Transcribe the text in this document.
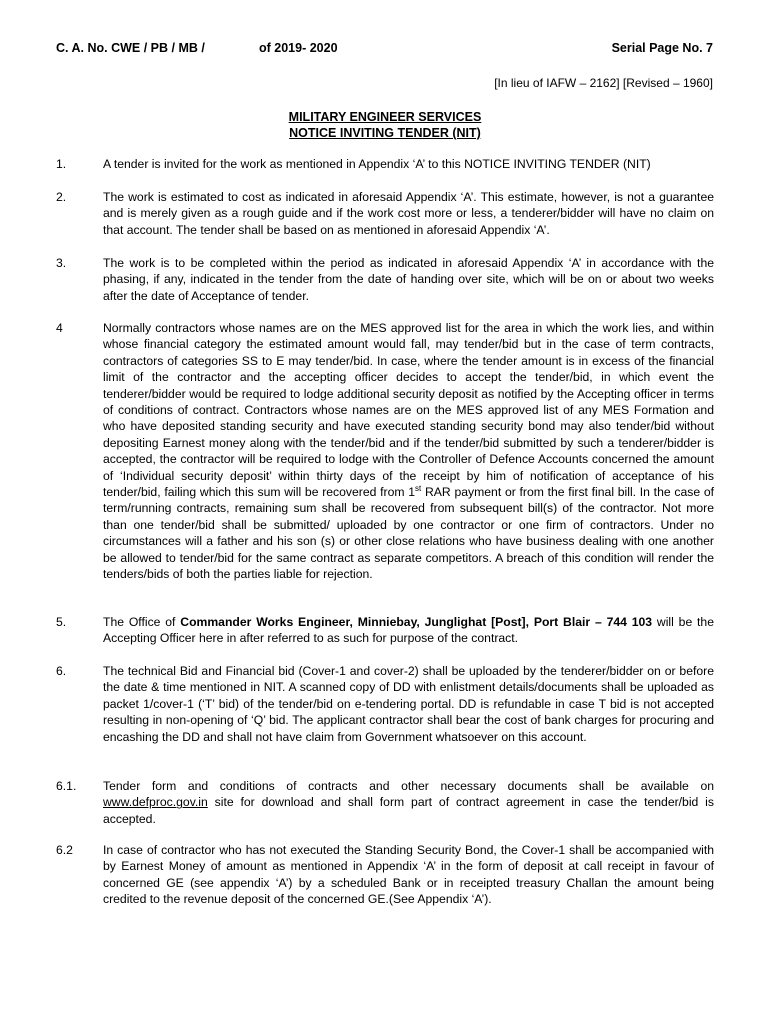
C. A. No. CWE / PB / MB /	of 2019- 2020	Serial Page No. 7
[In lieu of IAFW – 2162] [Revised – 1960]
MILITARY ENGINEER SERVICES
NOTICE INVITING TENDER (NIT)
1.	A tender is invited for the work as mentioned in Appendix ‘A’ to this NOTICE INVITING TENDER (NIT)
2.	The work is estimated to cost as indicated in aforesaid Appendix ‘A’. This estimate, however, is not a guarantee and is merely given as a rough guide and if the work cost more or less, a tenderer/bidder will have no claim on that account. The tender shall be based on as mentioned in aforesaid Appendix ‘A’.
3.	The work is to be completed within the period as indicated in aforesaid Appendix ‘A’ in accordance with the phasing, if any, indicated in the tender from the date of handing over site, which will be on or about two weeks after the date of Acceptance of tender.
4	Normally contractors whose names are on the MES approved list for the area in which the work lies, and within whose financial category the estimated amount would fall, may tender/bid but in the case of term contracts, contractors of categories SS to E may tender/bid. In case, where the tender amount is in excess of the financial limit of the contractor and the accepting officer decides to accept the tender/bid, in which event the tenderer/bidder would be required to lodge additional security deposit as notified by the Accepting officer in terms of conditions of contract. Contractors whose names are on the MES approved list of any MES Formation and who have deposited standing security and have executed standing security bond may also tender/bid without depositing Earnest money along with the tender/bid and if the tender/bid submitted by such a tenderer/bidder is accepted, the contractor will be required to lodge with the Controller of Defence Accounts concerned the amount of ‘Individual security deposit’ within thirty days of the receipt by him of notification of acceptance of his tender/bid, failing which this sum will be recovered from 1st RAR payment or from the first final bill. In the case of term/running contracts, remaining sum shall be recovered from subsequent bill(s) of the contractor. Not more than one tender/bid shall be submitted/ uploaded by one contractor or one firm of contractors. Under no circumstances will a father and his son (s) or other close relations who have business dealing with one another be allowed to tender/bid for the same contract as separate competitors. A breach of this condition will render the tenders/bids of both the parties liable for rejection.
5.	The Office of Commander Works Engineer, Minniebay, Junglighat [Post], Port Blair – 744 103 will be the Accepting Officer here in after referred to as such for purpose of the contract.
6.	The technical Bid and Financial bid (Cover-1 and cover-2) shall be uploaded by the tenderer/bidder on or before the date & time mentioned in NIT. A scanned copy of DD with enlistment details/documents shall be uploaded as packet 1/cover-1 (‘T’ bid) of the tender/bid on e-tendering portal. DD is refundable in case T bid is not accepted resulting in non-opening of ‘Q’ bid. The applicant contractor shall bear the cost of bank charges for procuring and encashing the DD and shall not have claim from Government whatsoever on this account.
6.1. Tender form and conditions of contracts and other necessary documents shall be available on www.defproc.gov.in site for download and shall form part of contract agreement in case the tender/bid is accepted.
6.2 In case of contractor who has not executed the Standing Security Bond, the Cover-1 shall be accompanied with by Earnest Money of amount as mentioned in Appendix ‘A’ in the form of deposit at call receipt in favour of concerned GE (see appendix ‘A’) by a scheduled Bank or in receipted treasury Challan the amount being credited to the revenue deposit of the concerned GE.(See Appendix ‘A’).
